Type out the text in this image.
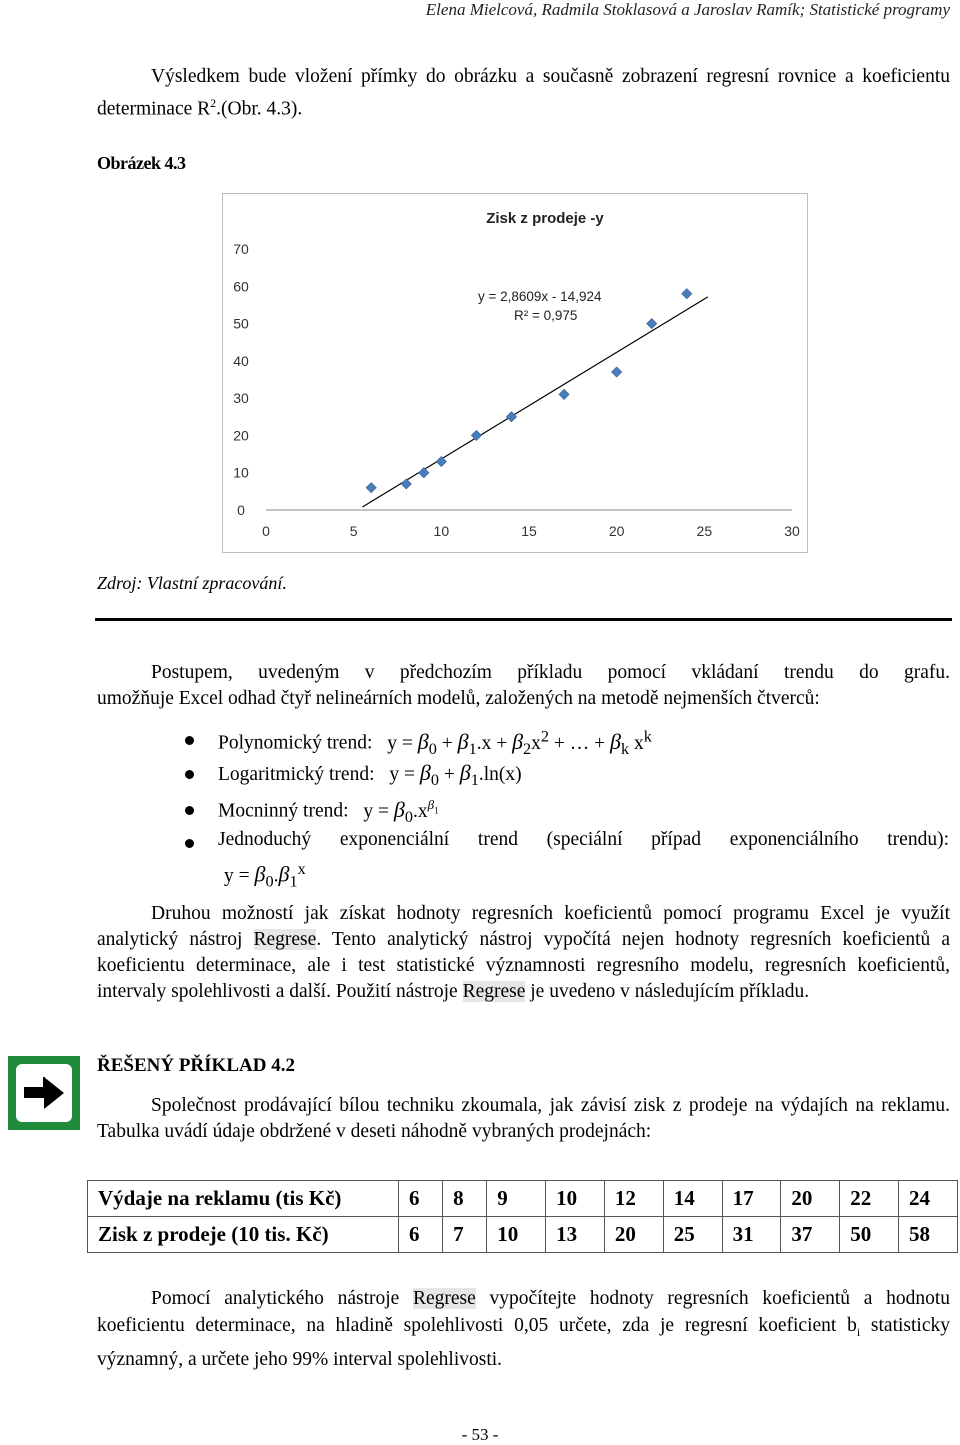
Elena Mielcová, Radmila Stoklasová a Jaroslav Ramík; Statistické programy
Výsledkem bude vložení přímky do obrázku a současně zobrazení regresní rovnice a koeficientu determinace $R^2.(Obr$. 4.3).
Obrázek 4.3
Zisk z prodeje -y
0
10
20
30
40
50
60
70
0	5	10	15	20	25	30
y = 2,8609x - 14,924
R² = 0,975
Zdroj: Vlastní zpracování.
Postupem, uvedeným v předchozím příkladu pomocí vkládaní trendu do grafu.
umožňuje Excel odhad čtyř nelineárních modelů, založených na metodě nejmenších čtverců:
Polynomický trend: $y = \beta_0 + \beta_1.x + \beta_2x^2$ + … + $\beta_k$ $x^k$
Logaritmický trend: $y = \beta_0 + \beta_1.\ln(x)$
Mocninný trend: $y = \beta_0.x^{\beta_1}$
Jednoduchý exponenciální trend (speciální případ exponenciálního trendu):
$y = \beta_0.\beta_1^x$
Druhou možností jak získat hodnoty regresních koeficientů pomocí programu Excel je využít analytický nástroj Regrese. Tento analytický nástroj vypočítá nejen hodnoty regresních koeficientů a koeficientu determinace, ale i test statistické významnosti regresního modelu, regresních koeficientů, intervaly spolehlivosti a další. Použití nástroje Regrese je uvedeno v následujícím příkladu.
ŘEŠENÝ PŘÍKLAD 4.2
Společnost prodávající bílou techniku zkoumala, jak závisí zisk z prodeje na výdajích na reklamu. Tabulka uvádí údaje obdržené v deseti náhodně vybraných prodejnách:
Výdaje na reklamu (tis Kč)	6	8	9	10	12	14	17	20	22	24
Zisk z prodeje (10 tis. Kč)	6	7	10	13	20	25	31	37	50	58
Pomocí analytického nástroje Regrese vypočítejte hodnoty regresních koeficientů a hodnotu koeficientu determinace, na hladině spolehlivosti 0,05 určete, zda je regresní koeficient $b_i$ statisticky významný, a určete jeho 99% interval spolehlivosti.
- 53 -
